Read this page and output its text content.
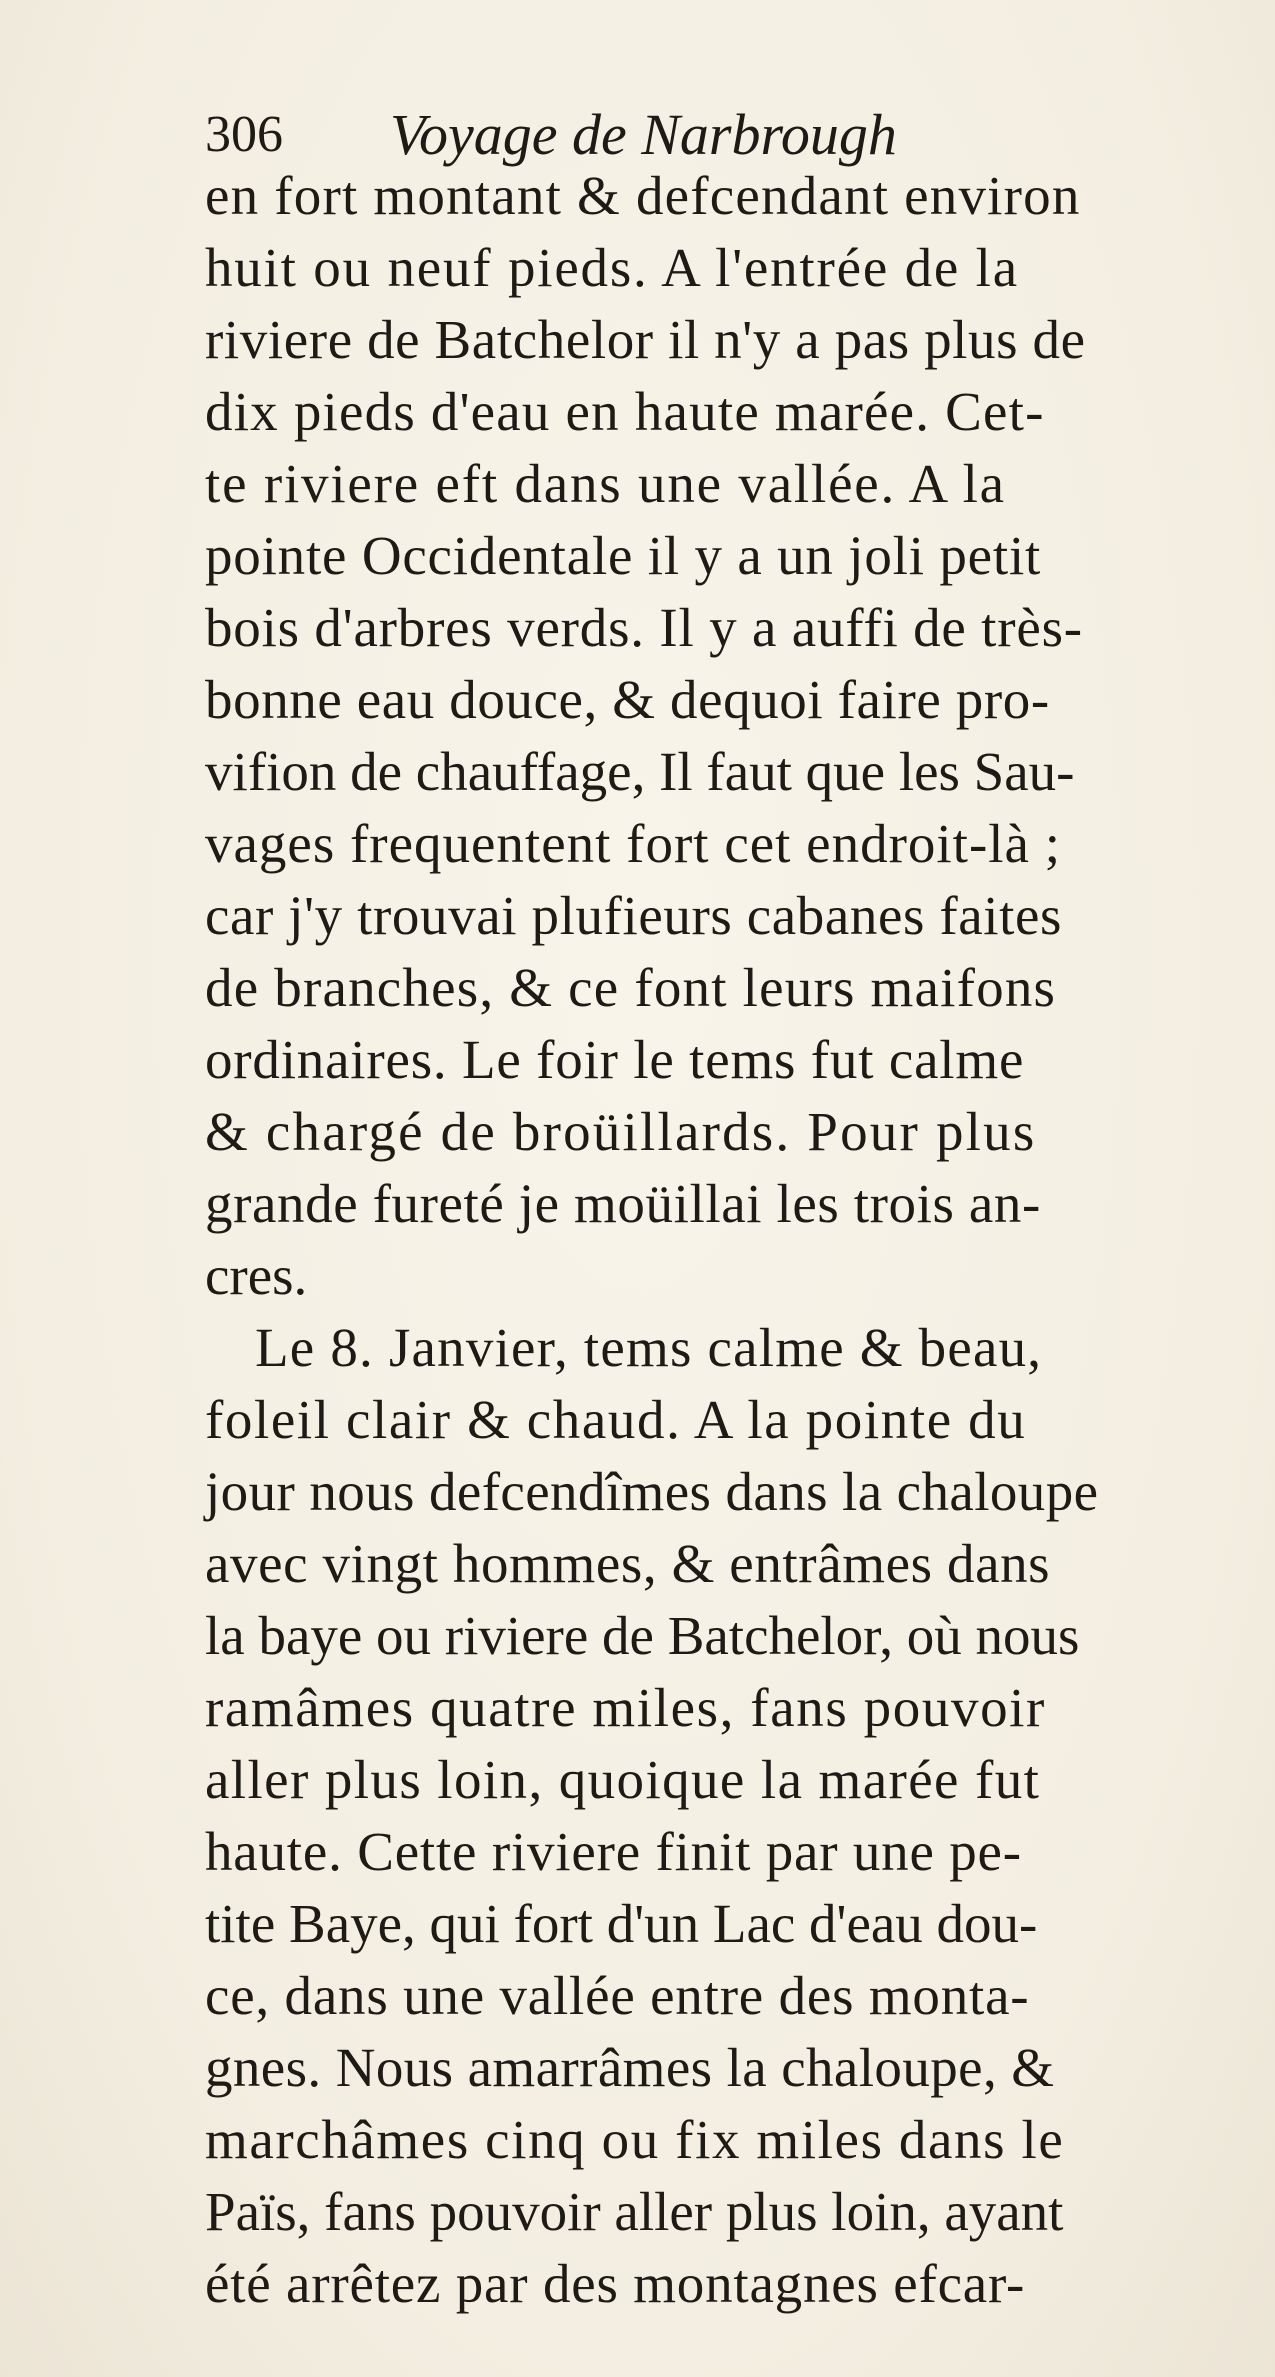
306 Voyage de Narbrough
en fort montant & defcendant environ
huit ou neuf pieds. A l'entrée de la
riviere de Batchelor il n'y a pas plus de
dix pieds d'eau en haute marée. Cet-
te riviere eft dans une vallée. A la
pointe Occidentale il y a un joli petit
bois d'arbres verds. Il y a auffi de très-
bonne eau douce, & dequoi faire pro-
vifion de chauffage, Il faut que les Sau-
vages frequentent fort cet endroit-là ;
car j'y trouvai plufieurs cabanes faites
de branches, & ce font leurs maifons
ordinaires. Le foir le tems fut calme
& chargé de broüillards. Pour plus
grande fureté je moüillai les trois an-
cres.
Le 8. Janvier, tems calme & beau,
foleil clair & chaud. A la pointe du
jour nous defcendîmes dans la chaloupe
avec vingt hommes, & entrâmes dans
la baye ou riviere de Batchelor, où nous
ramâmes quatre miles, fans pouvoir
aller plus loin, quoique la marée fut
haute. Cette riviere finit par une pe-
tite Baye, qui fort d'un Lac d'eau dou-
ce, dans une vallée entre des monta-
gnes. Nous amarrâmes la chaloupe, &
marchâmes cinq ou fix miles dans le
Païs, fans pouvoir aller plus loin, ayant
été arrêtez par des montagnes efcar-
